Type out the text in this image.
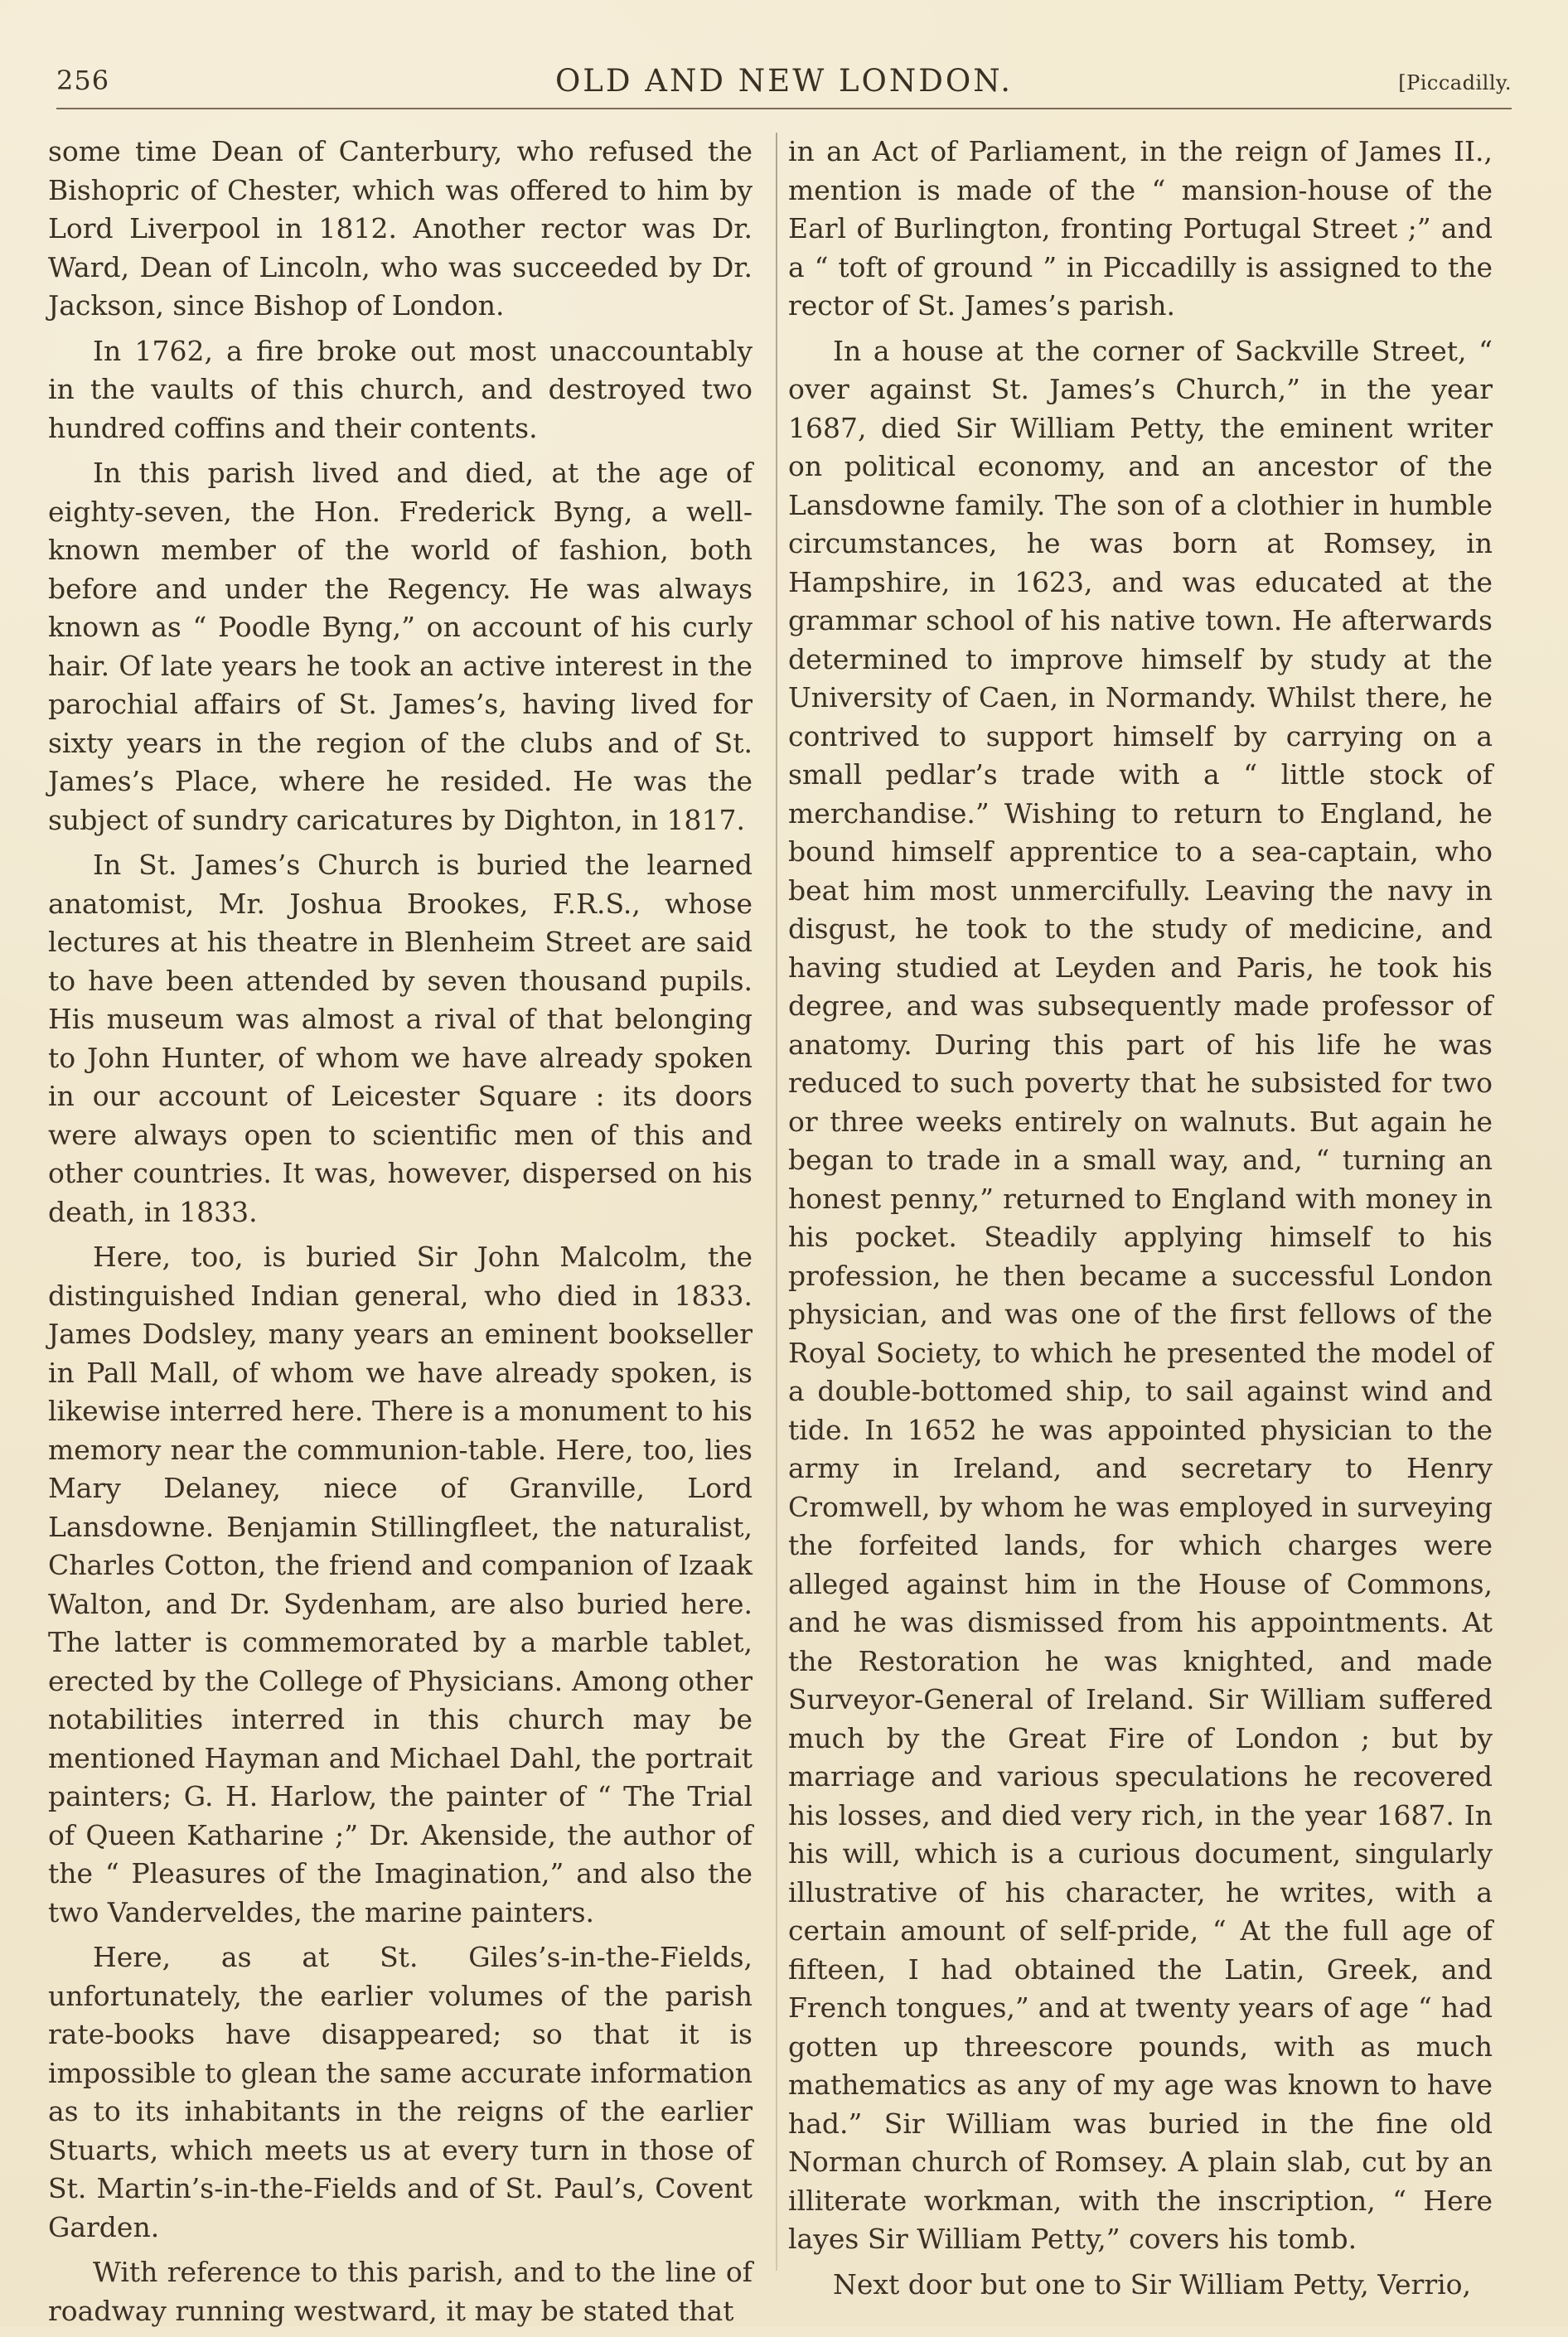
256	OLD AND NEW LONDON.	[Piccadilly.

some time Dean of Canterbury, who refused the Bishopric of Chester, which was offered to him by Lord Liverpool in 1812. Another rector was Dr. Ward, Dean of Lincoln, who was succeeded by Dr. Jackson, since Bishop of London.

In 1762, a fire broke out most unaccountably in the vaults of this church, and destroyed two hundred coffins and their contents.

In this parish lived and died, at the age of eighty-seven, the Hon. Frederick Byng, a well-known member of the world of fashion, both before and under the Regency. He was always known as “ Poodle Byng,” on account of his curly hair. Of late years he took an active interest in the parochial affairs of St. James’s, having lived for sixty years in the region of the clubs and of St. James’s Place, where he resided. He was the subject of sundry caricatures by Dighton, in 1817.

In St. James’s Church is buried the learned anatomist, Mr. Joshua Brookes, F.R.S., whose lectures at his theatre in Blenheim Street are said to have been attended by seven thousand pupils. His museum was almost a rival of that belonging to John Hunter, of whom we have already spoken in our account of Leicester Square : its doors were always open to scientific men of this and other countries. It was, however, dispersed on his death, in 1833.

Here, too, is buried Sir John Malcolm, the distinguished Indian general, who died in 1833. James Dodsley, many years an eminent bookseller in Pall Mall, of whom we have already spoken, is likewise interred here. There is a monument to his memory near the communion-table. Here, too, lies Mary Delaney, niece of Granville, Lord Lansdowne. Benjamin Stillingfleet, the naturalist, Charles Cotton, the friend and companion of Izaak Walton, and Dr. Sydenham, are also buried here. The latter is commemorated by a marble tablet, erected by the College of Physicians. Among other notabilities interred in this church may be mentioned Hayman and Michael Dahl, the portrait painters; G. H. Harlow, the painter of “ The Trial of Queen Katharine ;” Dr. Akenside, the author of the “ Pleasures of the Imagination,” and also the two Vanderveldes, the marine painters.

Here, as at St. Giles’s-in-the-Fields, unfortunately, the earlier volumes of the parish rate-books have disappeared; so that it is impossible to glean the same accurate information as to its inhabitants in the reigns of the earlier Stuarts, which meets us at every turn in those of St. Martin’s-in-the-Fields and of St. Paul’s, Covent Garden.

With reference to this parish, and to the line of roadway running westward, it may be stated that

in an Act of Parliament, in the reign of James II., mention is made of the “ mansion-house of the Earl of Burlington, fronting Portugal Street ;” and a “ toft of ground ” in Piccadilly is assigned to the rector of St. James’s parish.

In a house at the corner of Sackville Street, “ over against St. James’s Church,” in the year 1687, died Sir William Petty, the eminent writer on political economy, and an ancestor of the Lansdowne family. The son of a clothier in humble circumstances, he was born at Romsey, in Hampshire, in 1623, and was educated at the grammar school of his native town. He afterwards determined to improve himself by study at the University of Caen, in Normandy. Whilst there, he contrived to support himself by carrying on a small pedlar’s trade with a “ little stock of merchandise.” Wishing to return to England, he bound himself apprentice to a sea-captain, who beat him most unmercifully. Leaving the navy in disgust, he took to the study of medicine, and having studied at Leyden and Paris, he took his degree, and was subsequently made professor of anatomy. During this part of his life he was reduced to such poverty that he subsisted for two or three weeks entirely on walnuts. But again he began to trade in a small way, and, “ turning an honest penny,” returned to England with money in his pocket. Steadily applying himself to his profession, he then became a successful London physician, and was one of the first fellows of the Royal Society, to which he presented the model of a double-bottomed ship, to sail against wind and tide. In 1652 he was appointed physician to the army in Ireland, and secretary to Henry Cromwell, by whom he was employed in surveying the forfeited lands, for which charges were alleged against him in the House of Commons, and he was dismissed from his appointments. At the Restoration he was knighted, and made Surveyor-General of Ireland. Sir William suffered much by the Great Fire of London ; but by marriage and various speculations he recovered his losses, and died very rich, in the year 1687. In his will, which is a curious document, singularly illustrative of his character, he writes, with a certain amount of self-pride, “ At the full age of fifteen, I had obtained the Latin, Greek, and French tongues,” and at twenty years of age “ had gotten up threescore pounds, with as much mathematics as any of my age was known to have had.” Sir William was buried in the fine old Norman church of Romsey. A plain slab, cut by an illiterate workman, with the inscription, “ Here layes Sir William Petty,” covers his tomb.

Next door but one to Sir William Petty, Verrio,
